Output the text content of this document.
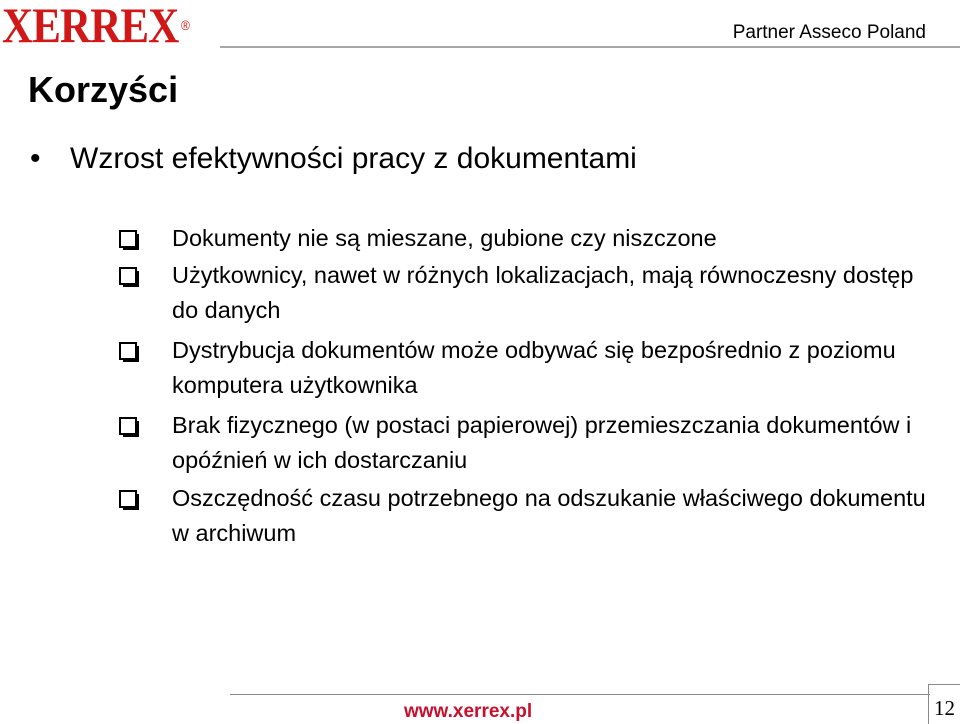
XERREX ®	Partner Asseco Poland
Korzyści
• Wzrost efektywności pracy z dokumentami
Dokumenty nie są mieszane, gubione czy niszczone
Użytkownicy, nawet w różnych lokalizacjach, mają równoczesny dostęp do danych
Dystrybucja dokumentów może odbywać się bezpośrednio z poziomu komputera użytkownika
Brak fizycznego (w postaci papierowej) przemieszczania dokumentów i opóźnień w ich dostarczaniu
Oszczędność czasu potrzebnego na odszukanie właściwego dokumentu w archiwum
www.xerrex.pl	12
